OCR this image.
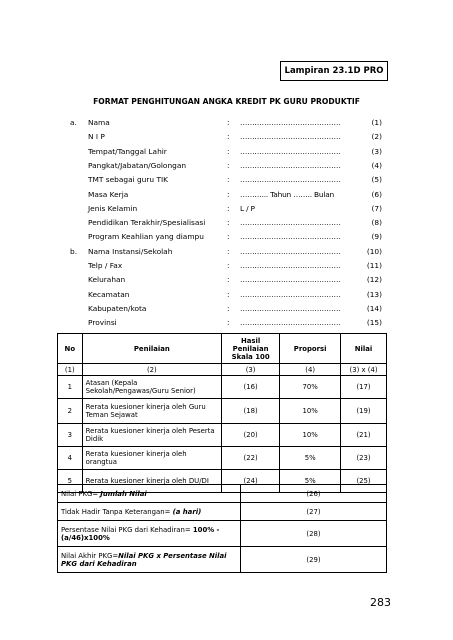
Lampiran 23.1D PRO
FORMAT PENGHITUNGAN ANGKA KREDIT PK GURU PRODUKTIF
a. Nama	: ……………………………………	(1)
N I P	: ……………………………………	(2)
Tempat/Tanggal Lahir	: ……………………………………	(3)
Pangkat/Jabatan/Golongan	: ……………………………………	(4)
TMT sebagai guru TIK	: ……………………………………	(5)
Masa Kerja	: ………... Tahun …….. Bulan	(6)
Jenis Kelamin	: L / P	(7)
Pendidikan Terakhir/Spesialisasi	: ……………………………………	(8)
Program Keahlian yang diampu	: ……………………………………	(9)
b. Nama Instansi/Sekolah	: ……………………………………	(10)
Telp / Fax	: ……………………………………	(11)
Kelurahan	: ……………………………………	(12)
Kecamatan	: ……………………………………	(13)
Kabupaten/kota	: ……………………………………	(14)
Provinsi	: ……………………………………	(15)
No	Penilaian	Hasil Penilaian Skala 100	Proporsi	Nilai
(1)	(2)	(3)	(4)	(3) x (4)
1	Atasan (Kepala Sekolah/Pengawas/Guru Senior)	(16)	70%	(17)
2	Rerata kuesioner kinerja oleh Guru Teman Sejawat	(18)	10%	(19)
3	Rerata kuesioner kinerja oleh Peserta Didik	(20)	10%	(21)
4	Rerata kuesioner kinerja oleh orangtua	(22)	5%	(23)
5	Rerata kuesioner kinerja oleh DU/DI	(24)	5%	(25)
Nilai PKG= Jumlah Nilai	(26)
Tidak Hadir Tanpa Keterangan= (a hari)	(27)
Persentase Nilai PKG dari Kehadiran= 100% - (a/46)x100%	(28)
Nilai Akhir PKG=Nilai PKG x Persentase Nilai PKG dari Kehadiran	(29)
283
